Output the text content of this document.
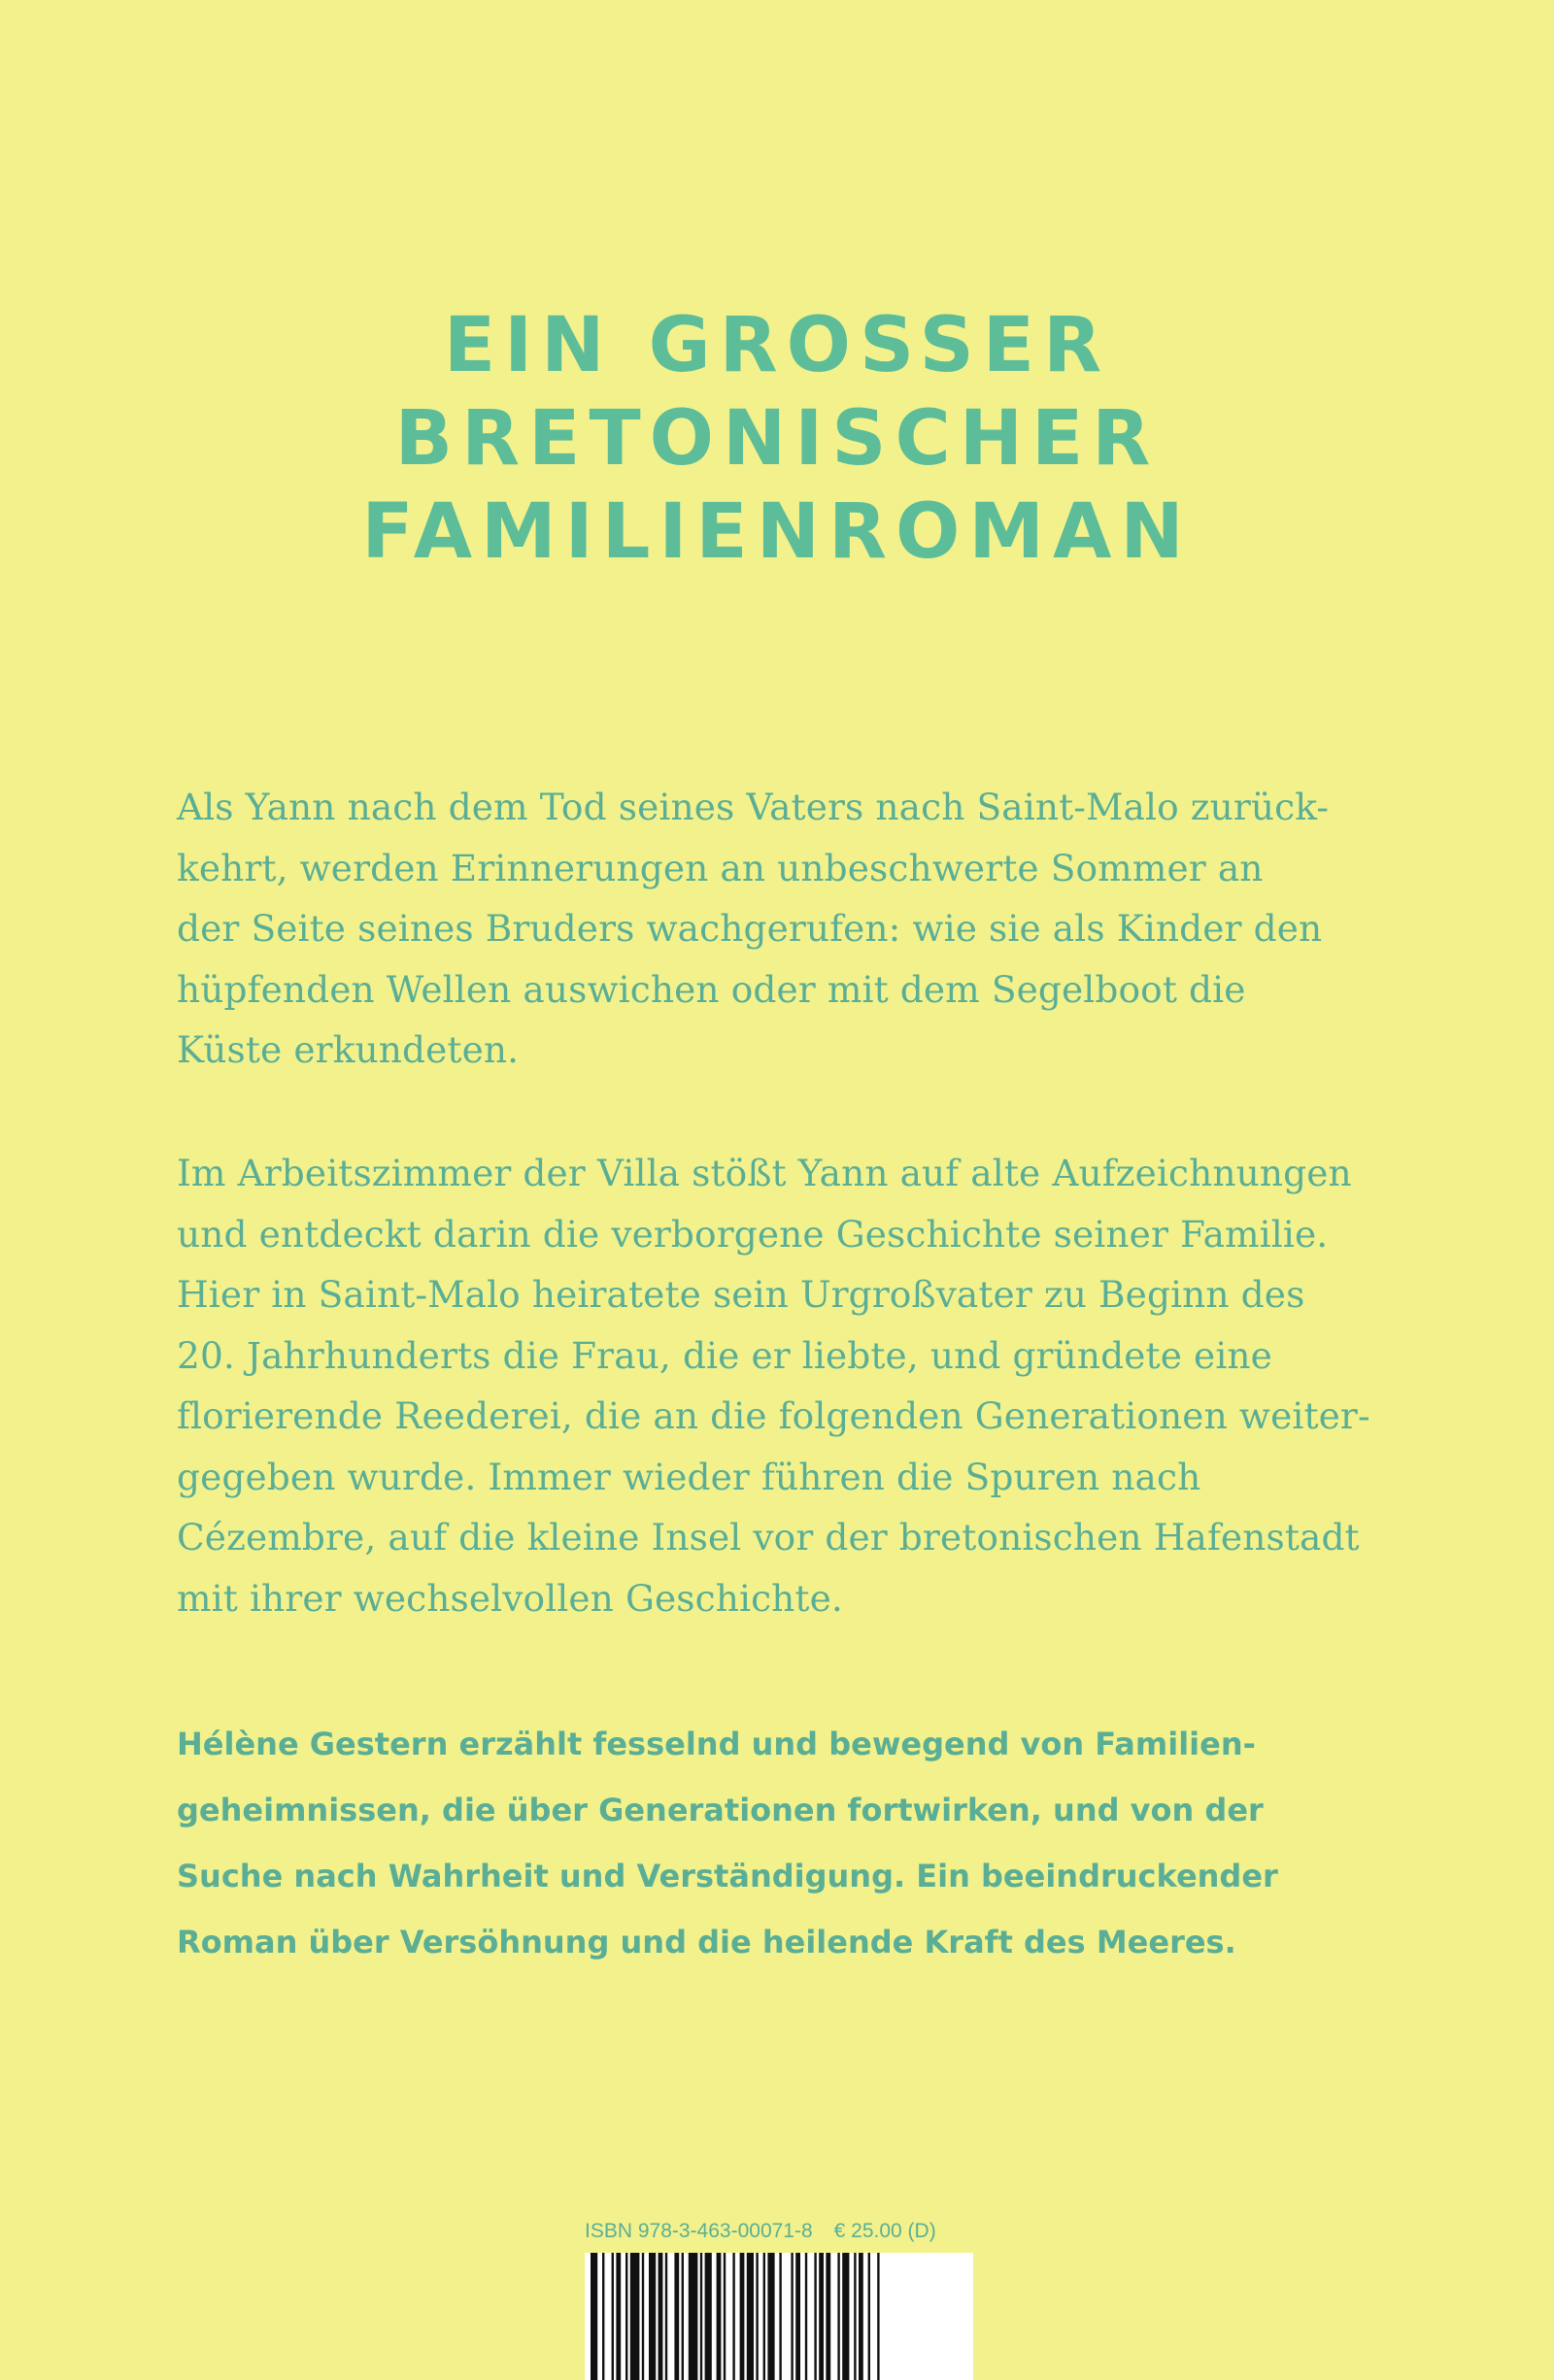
EIN GROSSER
BRETONISCHER
FAMILIENROMAN
Als Yann nach dem Tod seines Vaters nach Saint-Malo zurück-
kehrt, werden Erinnerungen an unbeschwerte Sommer an
der Seite seines Bruders wachgerufen: wie sie als Kinder den
hüpfenden Wellen auswichen oder mit dem Segelboot die
Küste erkundeten.
Im Arbeitszimmer der Villa stößt Yann auf alte Aufzeichnungen
und entdeckt darin die verborgene Geschichte seiner Familie.
Hier in Saint-Malo heiratete sein Urgroßvater zu Beginn des
20. Jahrhunderts die Frau, die er liebte, und gründete eine
florierende Reederei, die an die folgenden Generationen weiter-
gegeben wurde. Immer wieder führen die Spuren nach
Cézembre, auf die kleine Insel vor der bretonischen Hafenstadt
mit ihrer wechselvollen Geschichte.
Hélène Gestern erzählt fesselnd und bewegend von Familien-
geheimnissen, die über Generationen fortwirken, und von der
Suche nach Wahrheit und Verständigung. Ein beeindruckender
Roman über Versöhnung und die heilende Kraft des Meeres.
ISBN 978-3-463-00071-8 € 25.00 (D)
